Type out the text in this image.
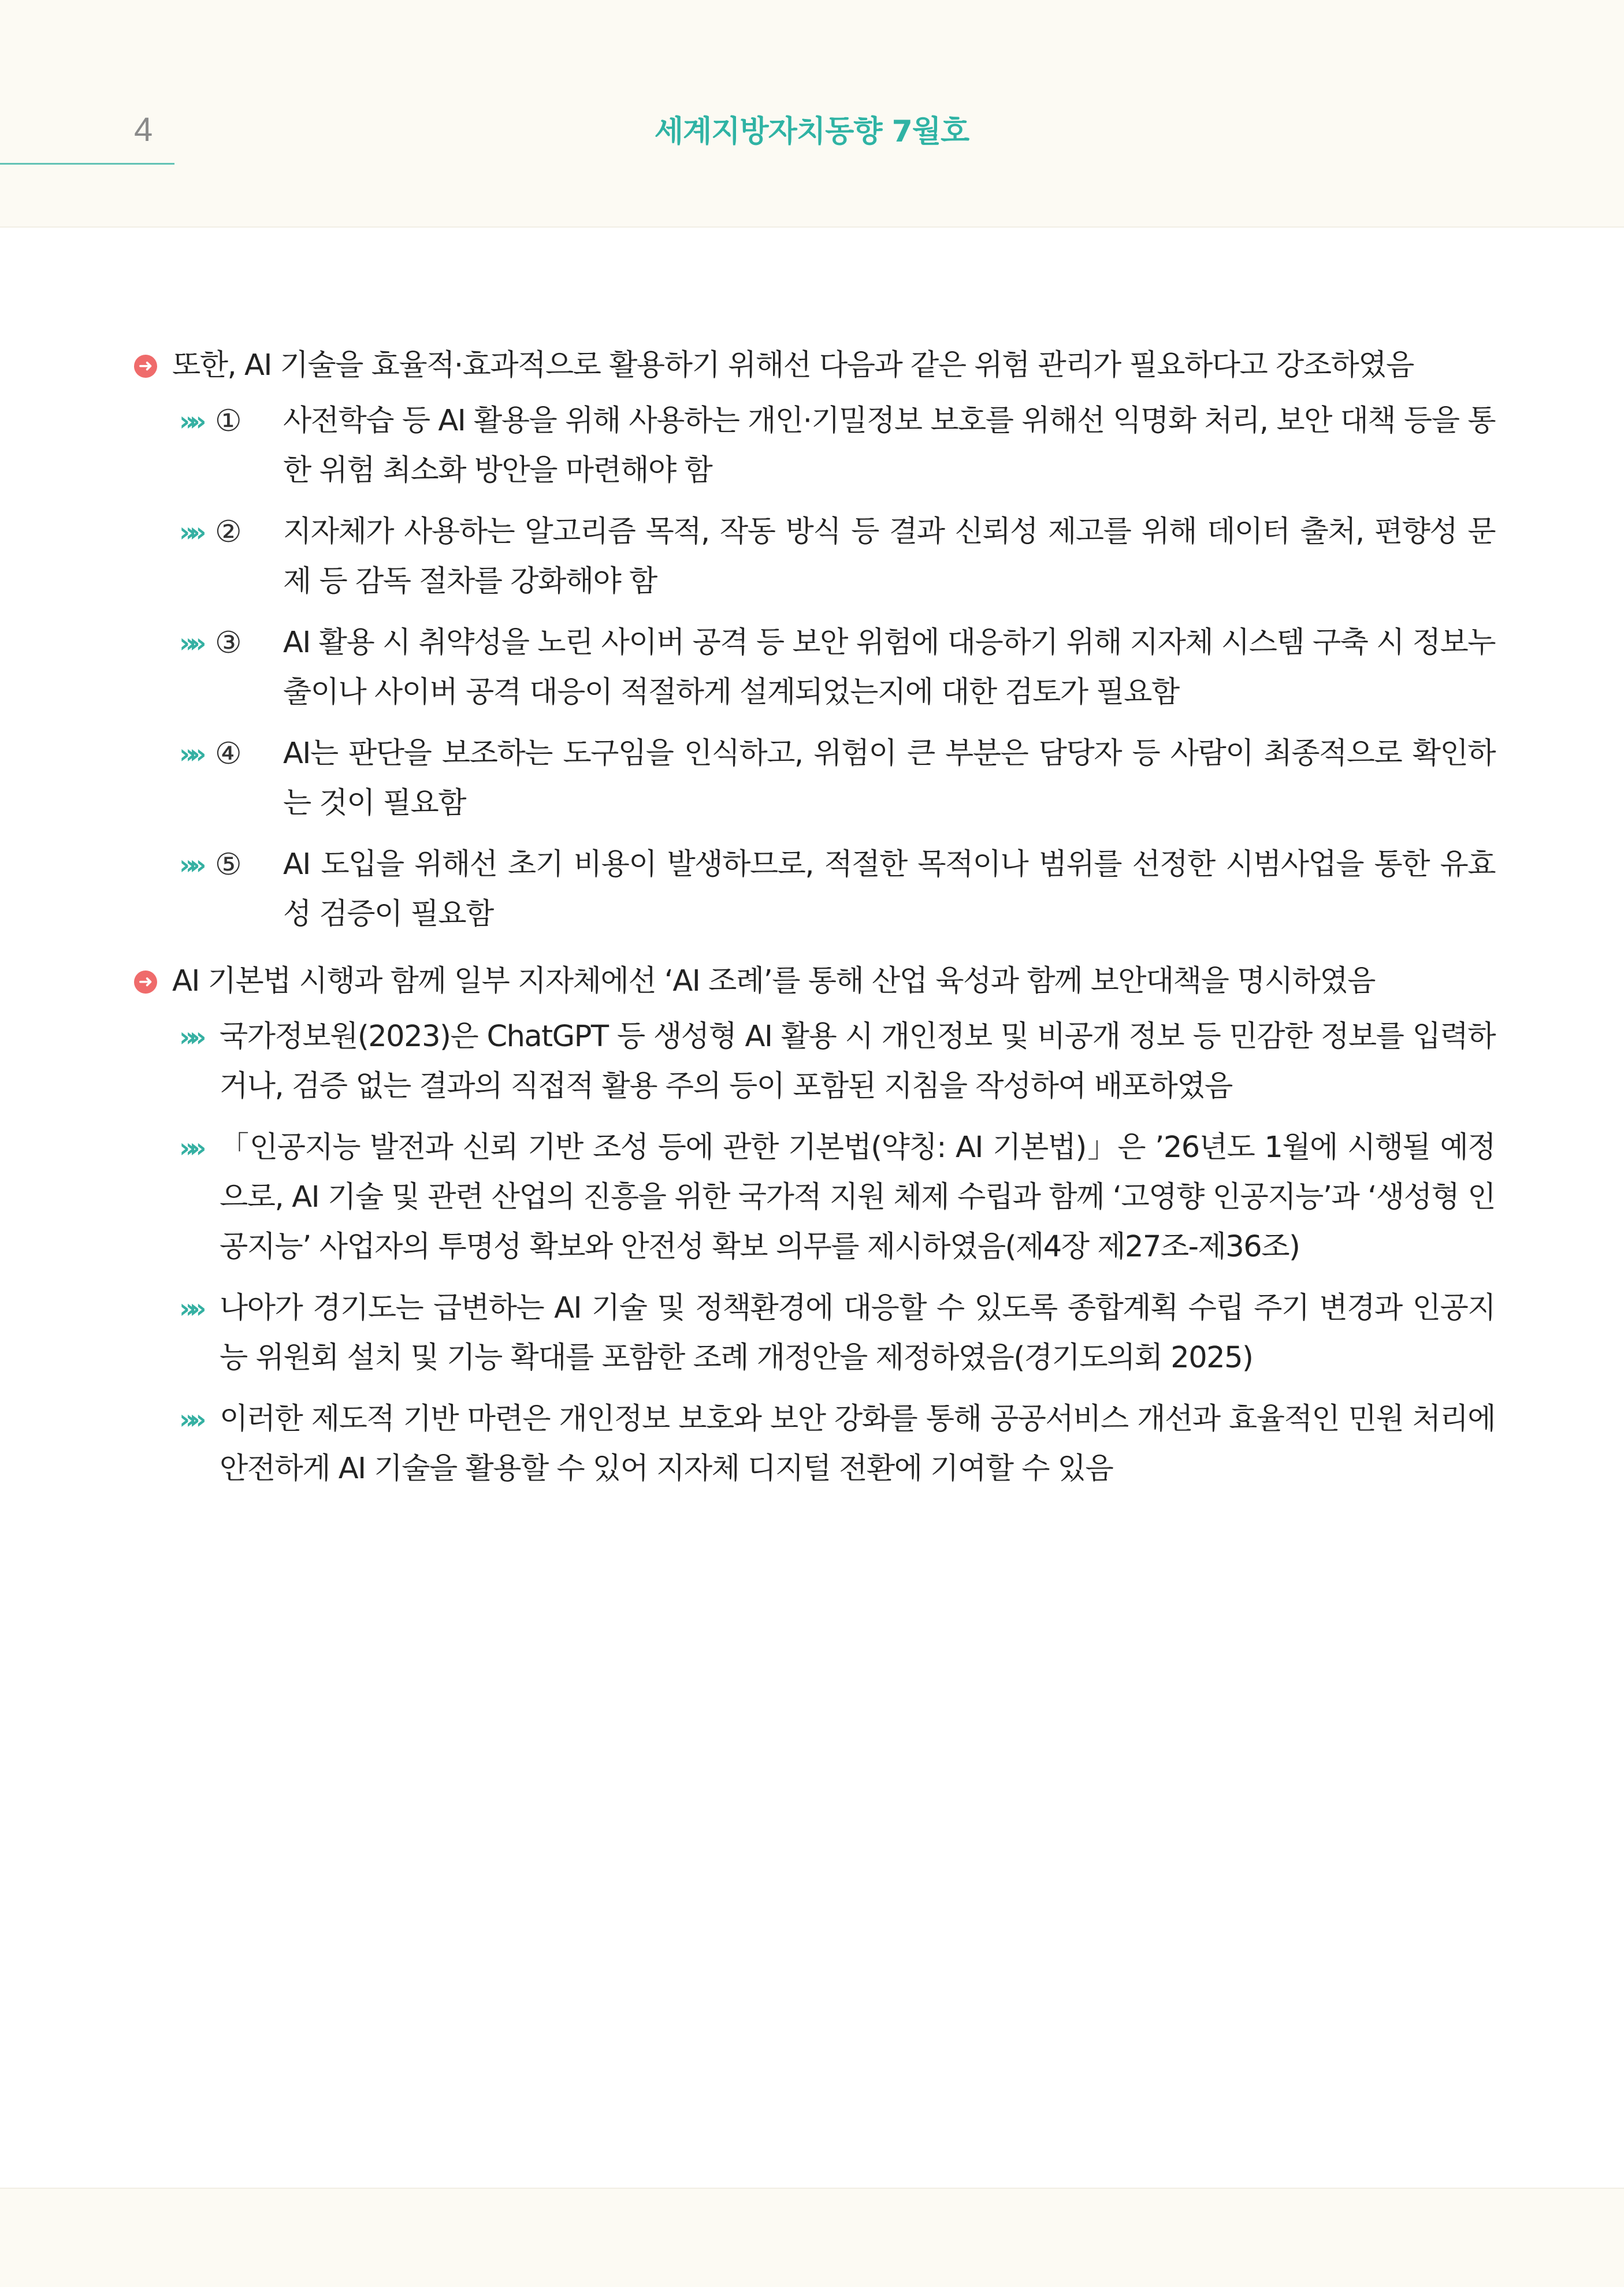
4	세계지방자치동향 7월호
➜ 또한, AI 기술을 효율적·효과적으로 활용하기 위해선 다음과 같은 위험 관리가 필요하다고 강조하였음
»» ①	사전학습 등 AI 활용을 위해 사용하는 개인·기밀정보 보호를 위해선 익명화 처리, 보안 대책 등을 통한 위험 최소화 방안을 마련해야 함
»» ②	지자체가 사용하는 알고리즘 목적, 작동 방식 등 결과 신뢰성 제고를 위해 데이터 출처, 편향성 문제 등 감독 절차를 강화해야 함
»» ③	AI 활용 시 취약성을 노린 사이버 공격 등 보안 위험에 대응하기 위해 지자체 시스템 구축 시 정보누출이나 사이버 공격 대응이 적절하게 설계되었는지에 대한 검토가 필요함
»» ④	AI는 판단을 보조하는 도구임을 인식하고, 위험이 큰 부분은 담당자 등 사람이 최종적으로 확인하는 것이 필요함
»» ⑤	AI 도입을 위해선 초기 비용이 발생하므로, 적절한 목적이나 범위를 선정한 시범사업을 통한 유효성 검증이 필요함
➜ AI 기본법 시행과 함께 일부 지자체에선 ‘AI 조례’를 통해 산업 육성과 함께 보안대책을 명시하였음
»» 국가정보원(2023)은 ChatGPT 등 생성형 AI 활용 시 개인정보 및 비공개 정보 등 민감한 정보를 입력하거나, 검증 없는 결과의 직접적 활용 주의 등이 포함된 지침을 작성하여 배포하였음
»» 「인공지능 발전과 신뢰 기반 조성 등에 관한 기본법(약칭: AI 기본법)」은 ’26년도 1월에 시행될 예정으로, AI 기술 및 관련 산업의 진흥을 위한 국가적 지원 체제 수립과 함께 ‘고영향 인공지능’과 ‘생성형 인공지능’ 사업자의 투명성 확보와 안전성 확보 의무를 제시하였음(제4장 제27조-제36조)
»» 나아가 경기도는 급변하는 AI 기술 및 정책환경에 대응할 수 있도록 종합계획 수립 주기 변경과 인공지능 위원회 설치 및 기능 확대를 포함한 조례 개정안을 제정하였음(경기도의회 2025)
»» 이러한 제도적 기반 마련은 개인정보 보호와 보안 강화를 통해 공공서비스 개선과 효율적인 민원 처리에 안전하게 AI 기술을 활용할 수 있어 지자체 디지털 전환에 기여할 수 있음
